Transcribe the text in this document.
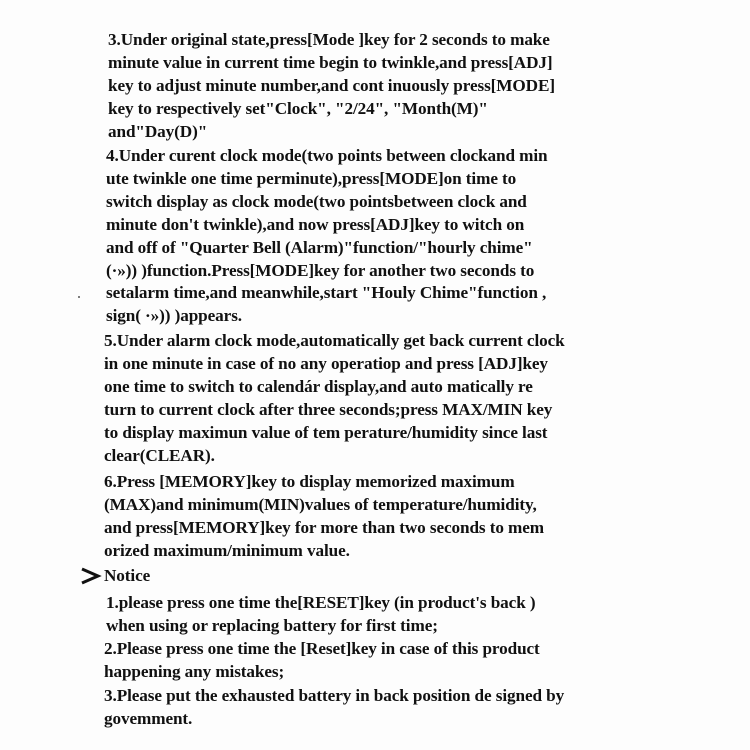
3.Under original state,press[Mode ]key for 2 seconds to make
minute value in current time begin to twinkle,and press[ADJ]
key to adjust minute number,and cont inuously press[MODE]
key to respectively set"Clock", "2/24", "Month(M)"
and"Day(D)"
4.Under curent clock mode(two points between clockand min
ute twinkle one time perminute),press[MODE]on time to
switch display as clock mode(two pointsbetween clock and
minute don't twinkle),and now press[ADJ]key to witch on
and off of "Quarter Bell (Alarm)"function/"hourly chime"
(·»)) )function.Press[MODE]key for another two seconds to
setalarm time,and meanwhile,start "Houly Chime"function ,
sign( ·»)) )appears.
5.Under alarm clock mode,automatically get back current clock
in one minute in case of no any operatiop and press [ADJ]key
one time to switch to calendár display,and auto matically re
turn to current clock after three seconds;press MAX/MIN key
to display maximun value of tem perature/humidity since last
clear(CLEAR).
6.Press [MEMORY]key to display memorized maximum
(MAX)and minimum(MIN)values of temperature/humidity,
and press[MEMORY]key for more than two seconds to mem
orized maximum/minimum value.
Notice
1.please press one time the[RESET]key (in product's back )
when using or replacing battery for first time;
2.Please press one time the [Reset]key in case of this product
happening any mistakes;
3.Please put the exhausted battery in back position de signed by
govemment.
